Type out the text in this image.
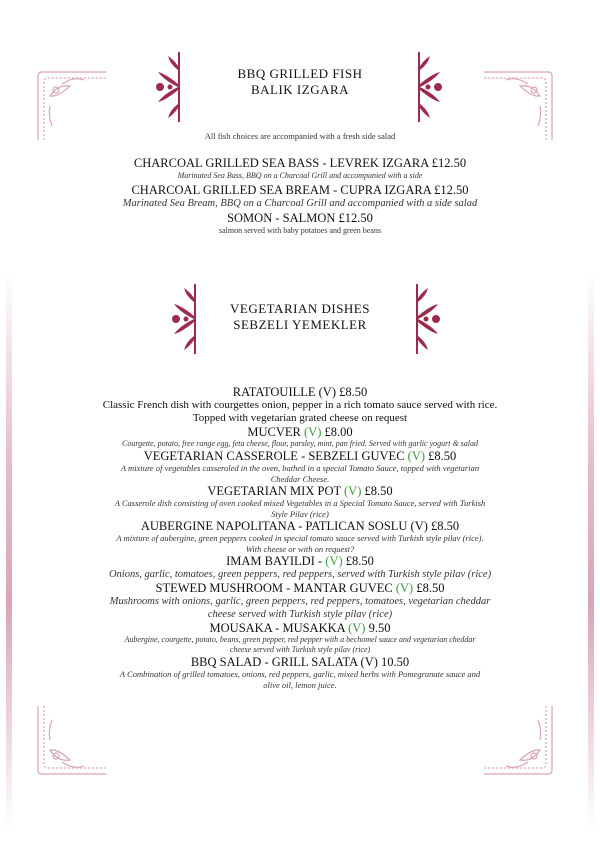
BBQ GRILLED FISH
BALIK IZGARA
All fish choices are accompanied with a fresh side salad
CHARCOAL GRILLED SEA BASS - LEVREK IZGARA £12.50
Marinated Sea Bass, BBQ on a Charcoal Grill and accompanied with a side
CHARCOAL GRILLED SEA BREAM - CUPRA IZGARA £12.50
Marinated Sea Bream, BBQ on a Charcoal Grill and accompanied with a side salad
SOMON - SALMON £12.50
salmon served with baby potatoes and green beans
VEGETARIAN DISHES
SEBZELI YEMEKLER
RATATOUILLE (V) £8.50
Classic French dish with courgettes onion, pepper in a rich tomato sauce served with rice.
Topped with vegetarian grated cheese on request
MUCVER (V) £8.00
Courgette, potato, free range egg, feta cheese, flour, parsley, mint, pan fried. Served with garlic yogurt & salad
VEGETARIAN CASSEROLE - SEBZELI GUVEC (V) £8.50
A mixture of vegetables casseroled in the oven, bathed in a special Tomato Sauce, topped with vegetarian
Cheddar Cheese.
VEGETARIAN MIX POT (V) £8.50
A Casserole dish consisting of oven cooked mixed Vegetables in a Special Tomato Sauce, served with Turkish
Style Pilav (rice)
AUBERGINE NAPOLITANA - PATLICAN SOSLU (V) £8.50
A mixture of aubergine, green peppers cooked in special tomato sauce served with Turkish style pilav (rice).
With cheese or with on request?
IMAM BAYILDI - (V) £8.50
Onions, garlic, tomatoes, green peppers, red peppers, served with Turkish style pilav (rice)
STEWED MUSHROOM - MANTAR GUVEC (V) £8.50
Mushrooms with onions, garlic, green peppers, red peppers, tomatoes, vegetarian cheddar
cheese served with Turkish style pilav (rice)
MOUSAKA - MUSAKKA (V) 9.50
Aubergine, courgette, potato, beans, green pepper, red pepper with a bechomel sauce and vegetarian cheddar
cheese served with Turkish style pilav (rice)
BBQ SALAD - GRILL SALATA (V) 10.50
A Combination of grilled tomatoes, onions, red peppers, garlic, mixed herbs with Pomegranate sauce and
olive oil, lemon juice.
